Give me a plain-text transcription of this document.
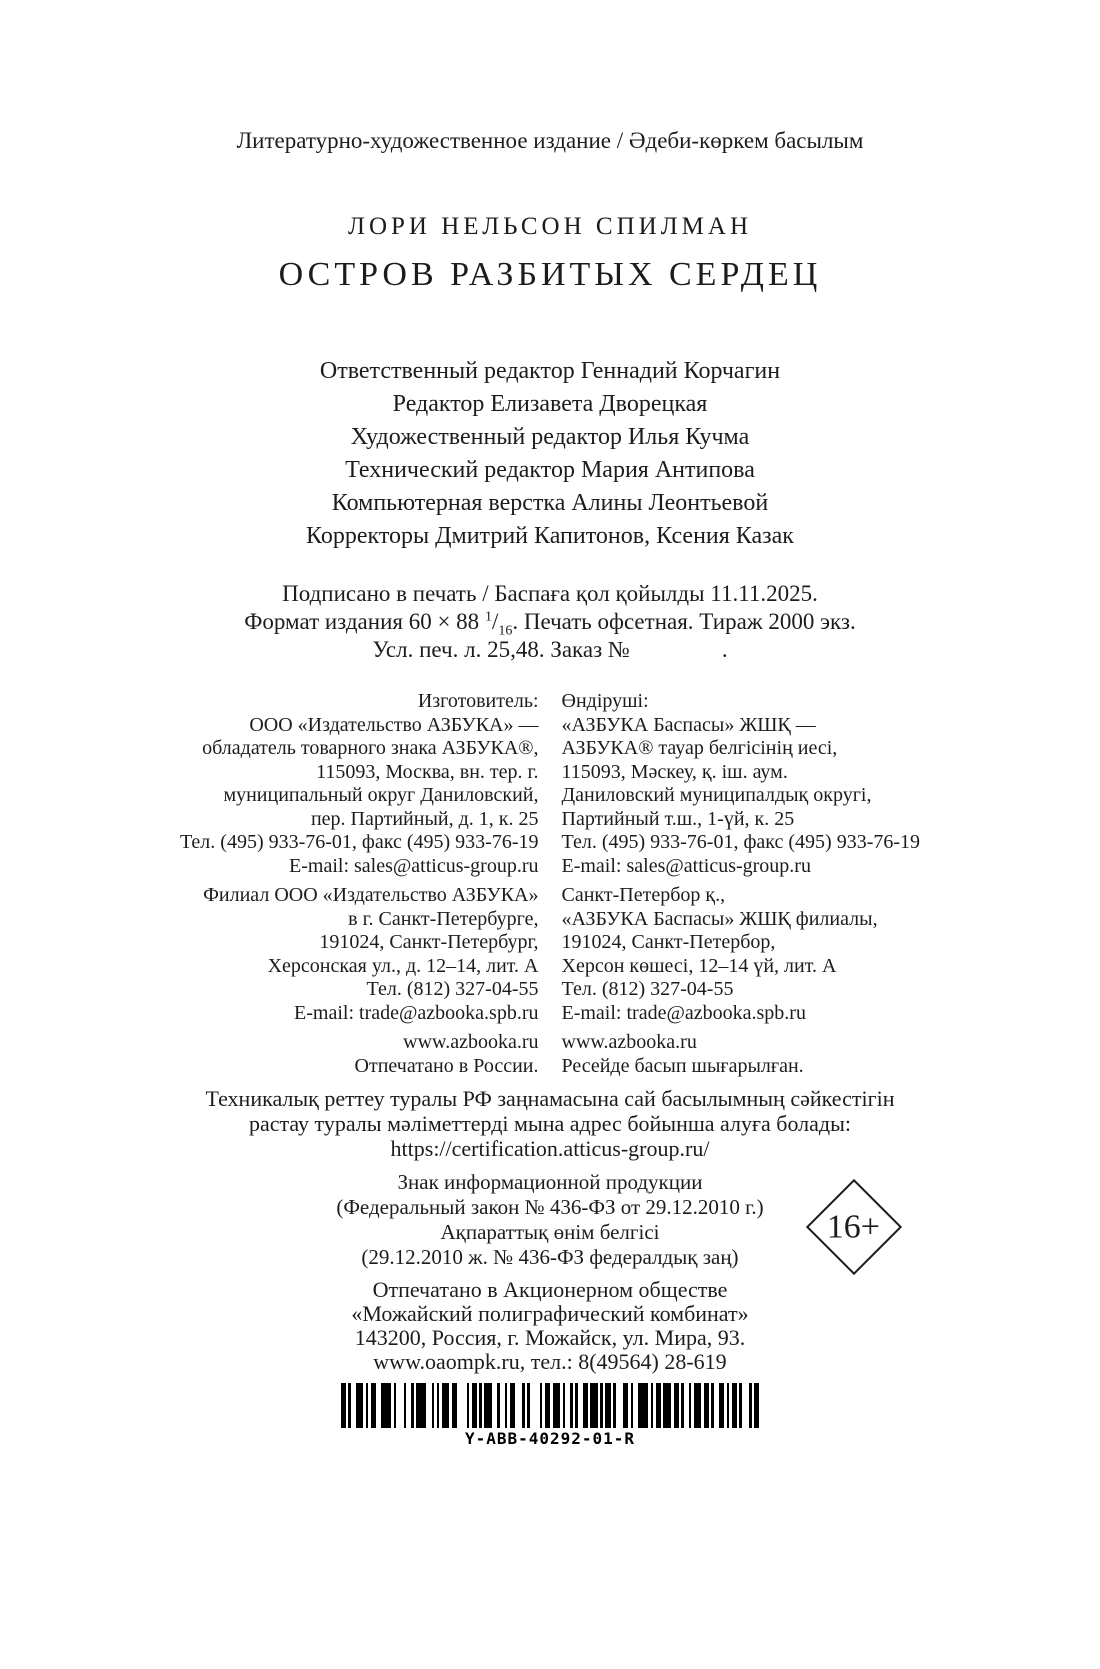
Литературно-художественное издание / Әдеби-көркем басылым
ЛОРИ НЕЛЬСОН СПИЛМАН
ОСТРОВ РАЗБИТЫХ СЕРДЕЦ
Ответственный редактор Геннадий Корчагин
Редактор Елизавета Дворецкая
Художественный редактор Илья Кучма
Технический редактор Мария Антипова
Компьютерная верстка Алины Леонтьевой
Корректоры Дмитрий Капитонов, Ксения Казак
Подписано в печать / Баспаға қол қойылды 11.11.2025.
Формат издания 60 × 88 $^1/_{16}$. Печать офсетная. Тираж 2000 экз.
Усл. печ. л. 25,48. Заказ №                .
Изготовитель:
ООО «Издательство АЗБУКА» —
обладатель товарного знака АЗБУКА®,
115093, Москва, вн. тер. г.
муниципальный округ Даниловский,
пер. Партийный, д. 1, к. 25
Тел. (495) 933-76-01, факс (495) 933-76-19
E-mail: sales@atticus-group.ru
Филиал ООО «Издательство АЗБУКА»
в г. Санкт-Петербурге,
191024, Санкт-Петербург,
Херсонская ул., д. 12–14, лит. А
Тел. (812) 327-04-55
E-mail: trade@azbooka.spb.ru
www.azbooka.ru
Отпечатано в России.
Өндіруші:
«АЗБУКА Баспасы» ЖШҚ —
АЗБУКА® тауар белгісінің иесі,
115093, Мәскеу, қ. іш. аум.
Даниловский муниципалдық округі,
Партийный т.ш., 1-үй, к. 25
Тел. (495) 933-76-01, факс (495) 933-76-19
E-mail: sales@atticus-group.ru
Санкт-Петербор қ.,
«АЗБУКА Баспасы» ЖШҚ филиалы,
191024, Санкт-Петербор,
Херсон көшесі, 12–14 үй, лит. А
Тел. (812) 327-04-55
E-mail: trade@azbooka.spb.ru
www.azbooka.ru
Ресейде басып шығарылған.
Техникалық реттеу туралы РФ заңнамасына сай басылымның сәйкестігін
растау туралы мәліметтерді мына адрес бойынша алуға болады:
https://certification.atticus-group.ru/
Знак информационной продукции
(Федеральный закон № 436-ФЗ от 29.12.2010 г.)
Ақпараттық өнім белгісі
(29.12.2010 ж. № 436-ФЗ федералдық заң)
16+
Отпечатано в Акционерном обществе
«Можайский полиграфический комбинат»
143200, Россия, г. Можайск, ул. Мира, 93.
www.oaompk.ru, тел.: 8(49564) 28-619
Y-ABB-40292-01-R
